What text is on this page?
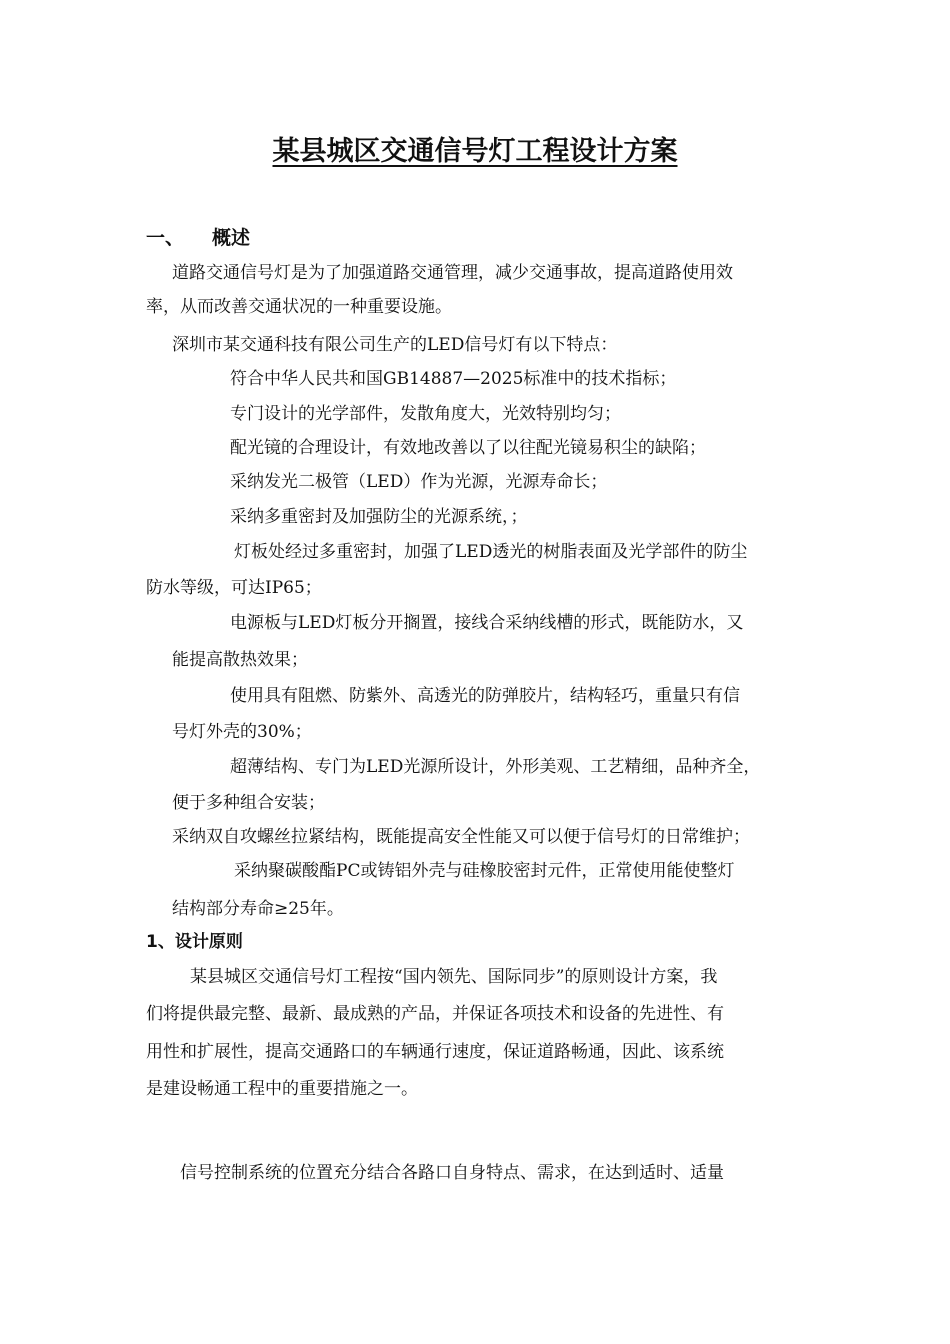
某县城区交通信号灯工程设计方案
一、 概述
道路交通信号灯是为了加强道路交通管理，减少交通事故，提高道路使用效
率，从而改善交通状况的一种重要设施。
深圳市某交通科技有限公司生产的LED信号灯有以下特点：
符合中华人民共和国GB14887—2025标准中的技术指标；
专门设计的光学部件，发散角度大，光效特别均匀；
配光镜的合理设计，有效地改善以了以往配光镜易积尘的缺陷；
采纳发光二极管（LED）作为光源，光源寿命长；
采纳多重密封及加强防尘的光源系统，；
灯板处经过多重密封，加强了LED透光的树脂表面及光学部件的防尘
防水等级，可达IP65；
电源板与LED灯板分开搁置，接线合采纳线槽的形式，既能防水，又
能提高散热效果；
使用具有阻燃、防紫外、高透光的防弹胶片，结构轻巧，重量只有信
号灯外壳的30%；
超薄结构、专门为LED光源所设计，外形美观、工艺精细，品种齐全，
便于多种组合安装；
采纳双自攻螺丝拉紧结构，既能提高安全性能又可以便于信号灯的日常维护；
采纳聚碳酸酯PC或铸铝外壳与硅橡胶密封元件，正常使用能使整灯
结构部分寿命≥25年。
1、设计原则
某县城区交通信号灯工程按“国内领先、国际同步”的原则设计方案，我
们将提供最完整、最新、最成熟的产品，并保证各项技术和设备的先进性、有
用性和扩展性，提高交通路口的车辆通行速度，保证道路畅通，因此、该系统
是建设畅通工程中的重要措施之一。
信号控制系统的位置充分结合各路口自身特点、需求，在达到适时、适量
